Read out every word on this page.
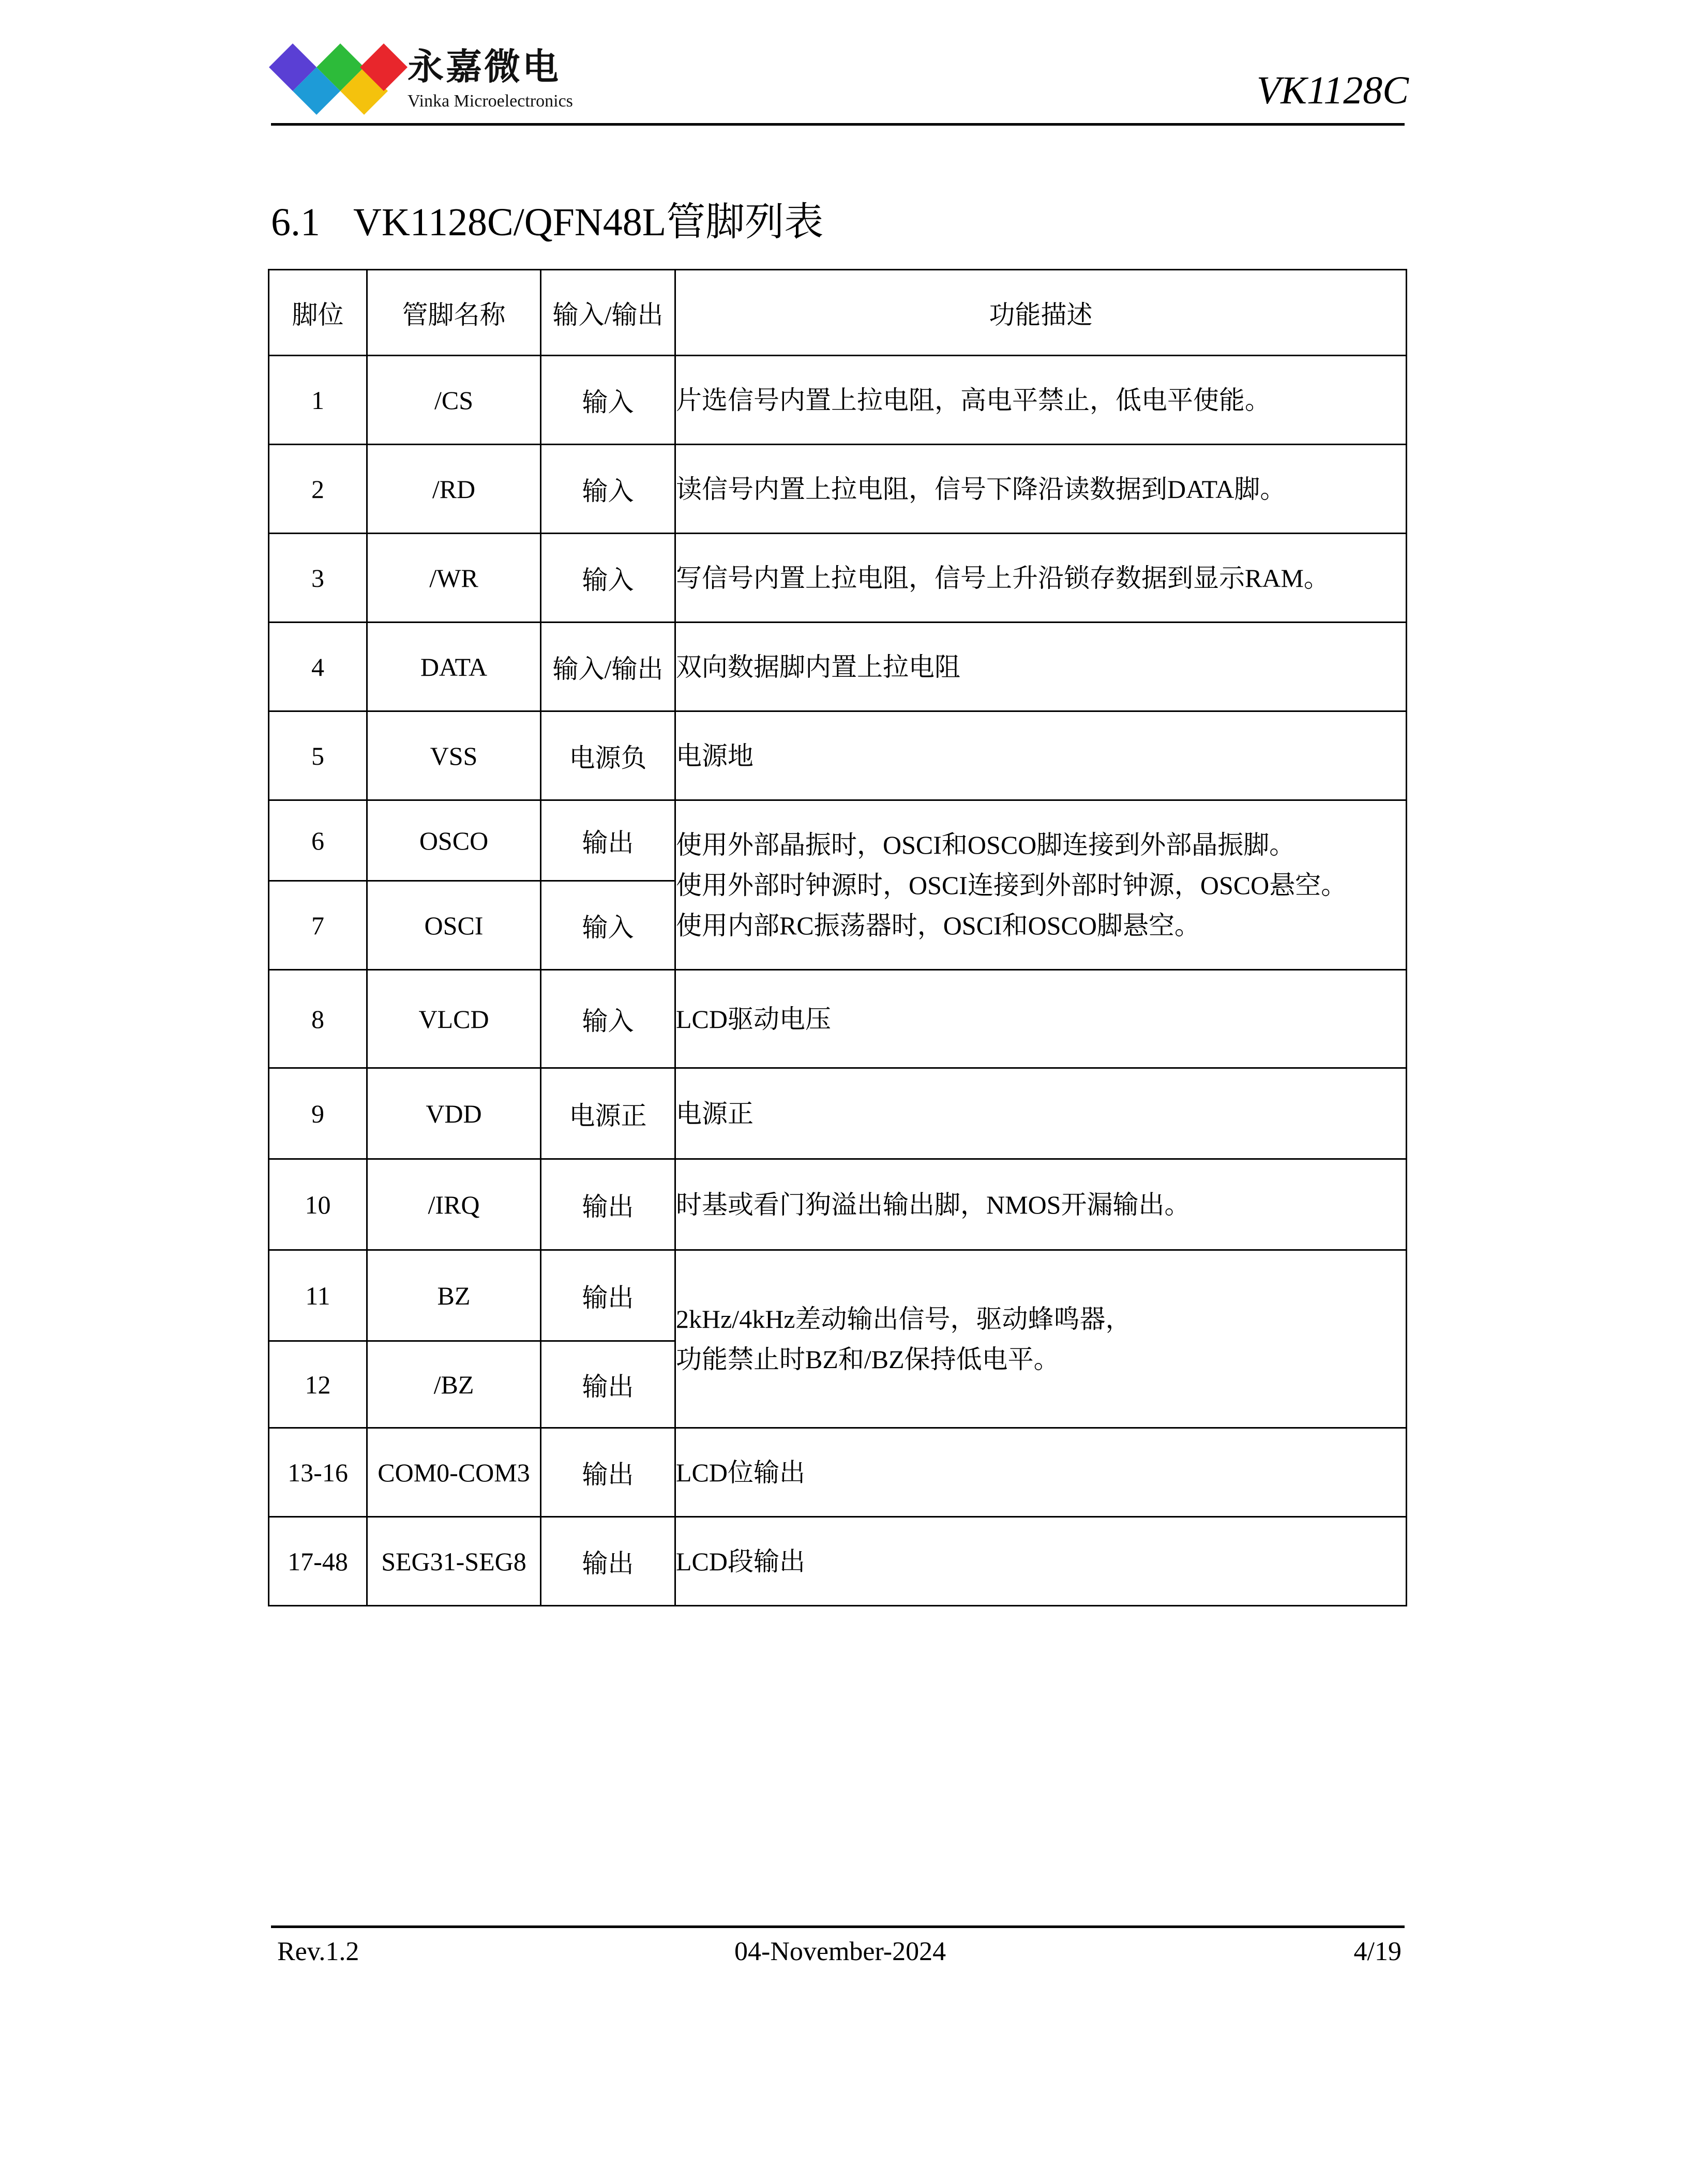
永嘉微电
Vinka Microelectronics	VK1128C
6.1 VK1128C/QFN48L管脚列表
脚位	管脚名称	输入/输出	功能描述
1	/CS	输入	片选信号内置上拉电阻，高电平禁止，低电平使能。

2	/RD	输入	读信号内置上拉电阻，信号下降沿读数据到DATA脚。

3	/WR	输入	写信号内置上拉电阻，信号上升沿锁存数据到显示RAM。

4	DATA	输入/输出	双向数据脚内置上拉电阻

5	VSS	电源负	电源地

6	OSCO	输出	使用外部晶振时，OSCI和OSCO脚连接到外部晶振脚。
使用外部时钟源时，OSCI连接到外部时钟源，OSCO悬空。
使用内部RC振荡器时，OSCI和OSCO脚悬空。

7	OSCI	输入	
8	VLCD	输入	LCD驱动电压

9	VDD	电源正	电源正

10	/IRQ	输出	时基或看门狗溢出输出脚，NMOS开漏输出。

11	BZ	输出	2kHz/4kHz差动输出信号，驱动蜂鸣器，
功能禁止时BZ和/BZ保持低电平。

12	/BZ	输出	
13-16	COM0-COM3	输出	LCD位输出

17-48	SEG31-SEG8	输出	LCD段输出
Rev.1.2	04-November-2024	4/19
